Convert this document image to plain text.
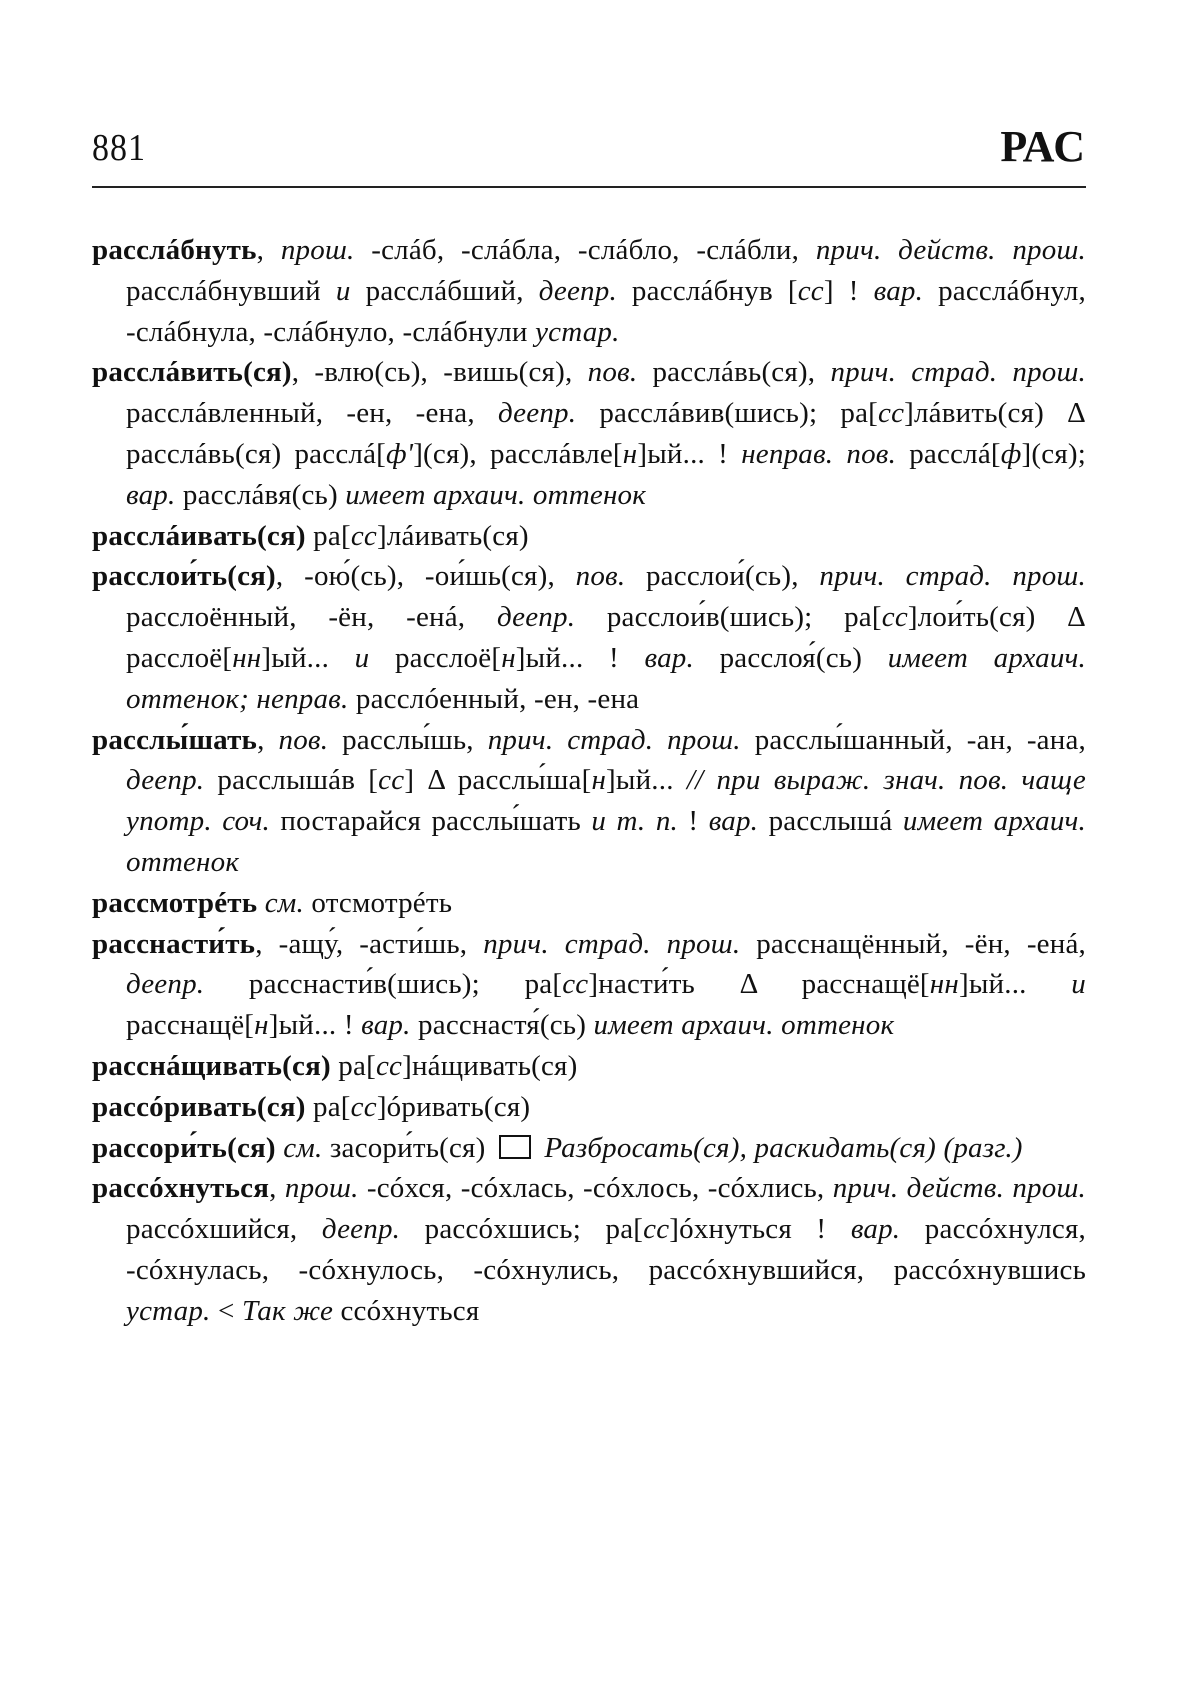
881	РАС

расслáбнуть, прош. -слáб, -слáбла, -слáбло, -слáбли, прич. действ. прош. расслáбнувший и расслáбший, деепр. расслáбнув [сс] ! вар. расслáбнул, -слáбнула, -слáбнуло, -слáбнули устар.

расслáвить(ся), -влю(сь), -вишь(ся), пов. расслáвь(ся), прич. страд. прош. расслáвленный, -ен, -ена, деепр. расслáвив(шись); ра[сс]лáвить(ся) Δ расслáвь(ся) расслá[ф'](ся), расслáвле[н]ый... ! неправ. пов. расслá[ф](ся); вар. расслáвя(сь) имеет архаич. оттенок

расслáивать(ся) ра[сс]лáивать(ся)

расслои́ть(ся), -ою́(сь), -ои́шь(ся), пов. расслои́(сь), прич. страд. прош. расслоённый, -ён, -енá, деепр. расслои́в(шись); ра[сс]лои́ть(ся) Δ расслоё[нн]ый... и расслоё[н]ый... ! вар. расслоя́(сь) имеет архаич. оттенок; неправ. расслóенный, -ен, -ена

расслы́шать, пов. расслы́шь, прич. страд. прош. расслы́шанный, -ан, -ана, деепр. расслышáв [сс] Δ расслы́ша[н]ый... // при выраж. знач. пов. чаще употр. соч. постарайся расслы́шать и т. п. ! вар. расслышá имеет архаич. оттенок

рассмотрéть см. отсмотрéть

расснасти́ть, -ащу́, -асти́шь, прич. страд. прош. расснащённый, -ён, -енá, деепр. расснасти́в(шись); ра[сс]насти́ть Δ расснащё[нн]ый... и расснащё[н]ый... ! вар. расснастя́(сь) имеет архаич. оттенок

расснáщивать(ся) ра[сс]нáщивать(ся)

рассóривать(ся) ра[сс]óривать(ся)

рассори́ть(ся) см. засори́ть(ся)  Разбросать(ся), раскидать(ся) (разг.)

рассóхнуться, прош. -сóхся, -сóхлась, -сóхлось, -сóхлись, прич. действ. прош. рассóхшийся, деепр. рассóхшись; ра[сс]óхнуться ! вар. рассóхнулся, -сóхнулась, -сóхнулось, -сóхнулись, рассóхнувшийся, рассóхнувшись устар. < Так же ссóхнуться
